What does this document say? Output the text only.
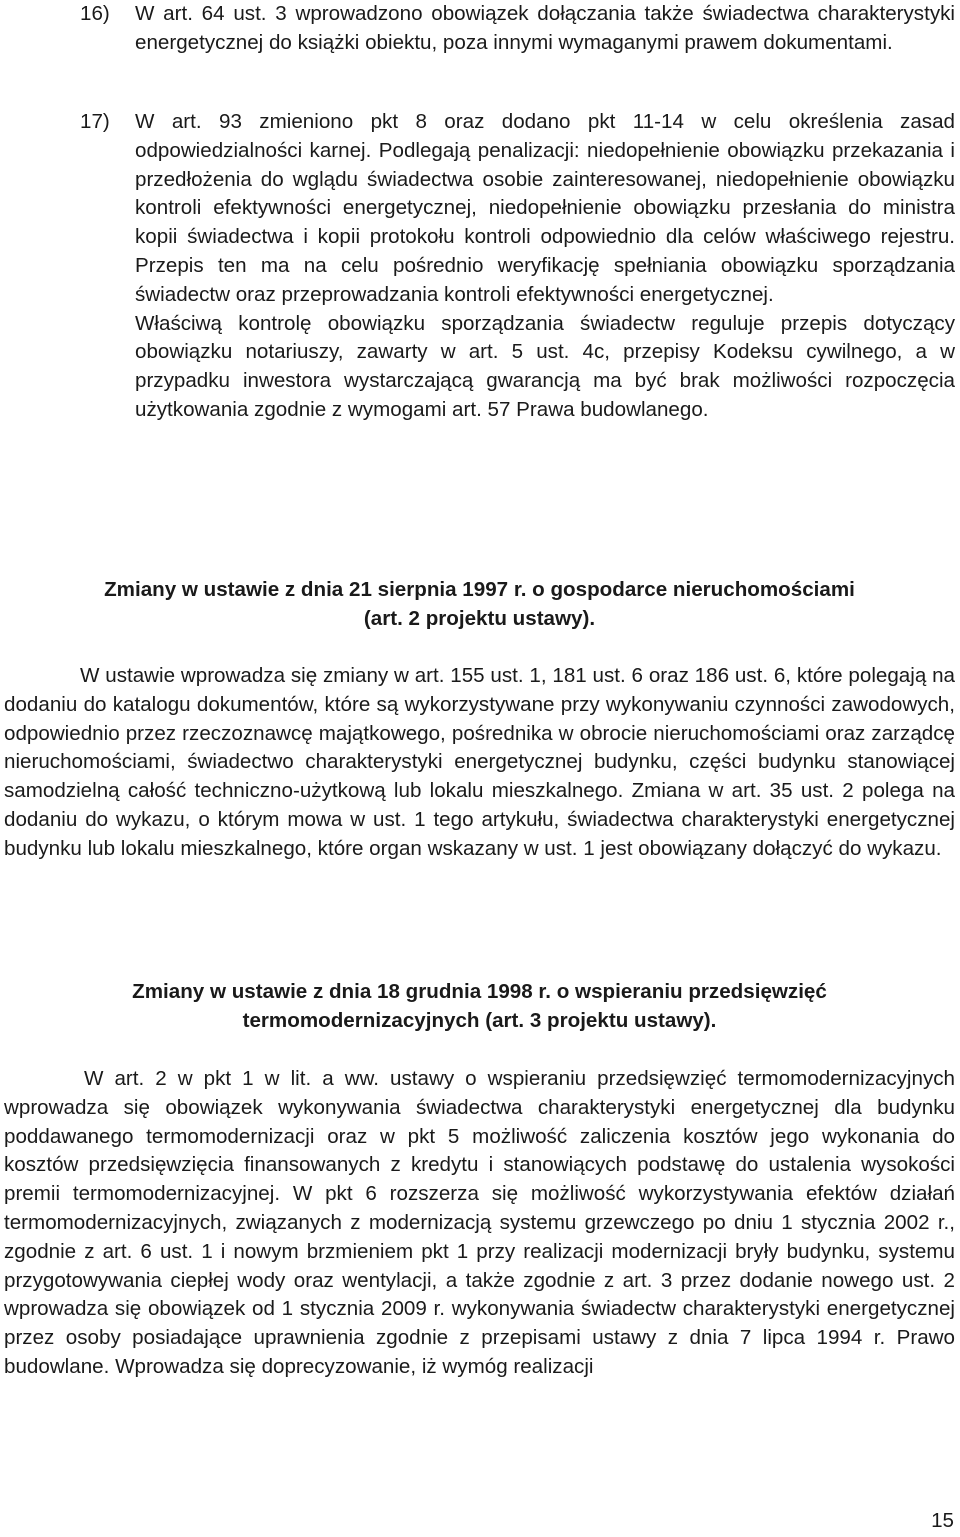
16) W art. 64 ust. 3 wprowadzono obowiązek dołączania także świadectwa charakterystyki energetycznej do książki obiektu, poza innymi wymaganymi prawem dokumentami.
17) W art. 93 zmieniono pkt 8 oraz dodano pkt 11-14 w celu określenia zasad odpowiedzialności karnej. Podlegają penalizacji: niedopełnienie obowiązku przekazania i przedłożenia do wglądu świadectwa osobie zainteresowanej, niedopełnienie obowiązku kontroli efektywności energetycznej, niedopełnienie obowiązku przesłania do ministra kopii świadectwa i kopii protokołu kontroli odpowiednio dla celów właściwego rejestru. Przepis ten ma na celu pośrednio weryfikację spełniania obowiązku sporządzania świadectw oraz przeprowadzania kontroli efektywności energetycznej.
Właściwą kontrolę obowiązku sporządzania świadectw reguluje przepis dotyczący obowiązku notariuszy, zawarty w art. 5 ust. 4c, przepisy Kodeksu cywilnego, a w przypadku inwestora wystarczającą gwarancją ma być brak możliwości rozpoczęcia użytkowania zgodnie z wymogami art. 57 Prawa budowlanego.
Zmiany w ustawie z dnia 21 sierpnia 1997 r. o gospodarce nieruchomościami
(art. 2 projektu ustawy).

W ustawie wprowadza się zmiany w art. 155 ust. 1, 181 ust. 6 oraz 186 ust. 6, które polegają na dodaniu do katalogu dokumentów, które są wykorzystywane przy wykonywaniu czynności zawodowych, odpowiednio przez rzeczoznawcę majątkowego, pośrednika w obrocie nieruchomościami oraz zarządcę nieruchomościami, świadectwo charakterystyki energetycznej budynku, części budynku stanowiącej samodzielną całość techniczno-użytkową lub lokalu mieszkalnego. Zmiana w art. 35 ust. 2 polega na dodaniu do wykazu, o którym mowa w ust. 1 tego artykułu, świadectwa charakterystyki energetycznej budynku lub lokalu mieszkalnego, które organ wskazany w ust. 1 jest obowiązany dołączyć do wykazu.

Zmiany w ustawie z dnia 18 grudnia 1998 r. o wspieraniu przedsięwzięć
termomodernizacyjnych (art. 3 projektu ustawy).

W art. 2 w pkt 1 w lit. a ww. ustawy o wspieraniu przedsięwzięć termomodernizacyjnych wprowadza się obowiązek wykonywania świadectwa charakterystyki energetycznej dla budynku poddawanego termomodernizacji oraz w pkt 5 możliwość zaliczenia kosztów jego wykonania do kosztów przedsięwzięcia finansowanych z kredytu i stanowiących podstawę do ustalenia wysokości premii termomodernizacyjnej. W pkt 6 rozszerza się możliwość wykorzystywania efektów działań termomodernizacyjnych, związanych z modernizacją systemu grzewczego po dniu 1 stycznia 2002 r., zgodnie z art. 6 ust. 1 i nowym brzmieniem pkt 1 przy realizacji modernizacji bryły budynku, systemu przygotowywania ciepłej wody oraz wentylacji, a także zgodnie z art. 3 przez dodanie nowego ust. 2 wprowadza się obowiązek od 1 stycznia 2009 r. wykonywania świadectw charakterystyki energetycznej przez osoby posiadające uprawnienia zgodnie z przepisami ustawy z dnia 7 lipca 1994 r. Prawo budowlane. Wprowadza się doprecyzowanie, iż wymóg realizacji

15
